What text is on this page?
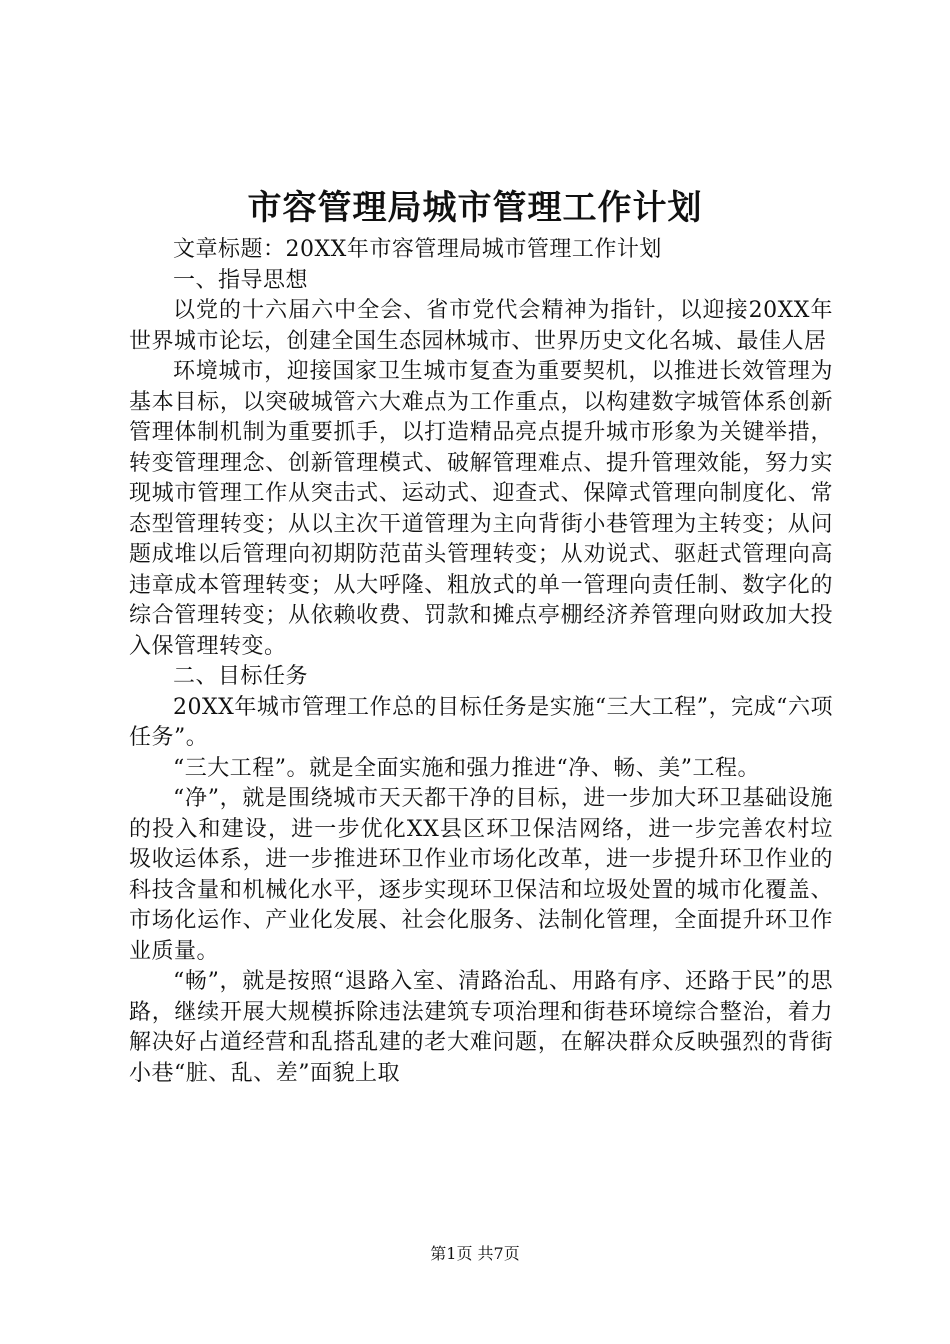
市容管理局城市管理工作计划

文章标题：20XX年市容管理局城市管理工作计划

一、指导思想

以党的十六届六中全会、省市党代会精神为指针，以迎接20XX年世界城市论坛，创建全国生态园林城市、世界历史文化名城、最佳人居

环境城市，迎接国家卫生城市复查为重要契机，以推进长效管理为基本目标，以突破城管六大难点为工作重点，以构建数字城管体系创新管理体制机制为重要抓手，以打造精品亮点提升城市形象为关键举措，转变管理理念、创新管理模式、破解管理难点、提升管理效能，努力实现城市管理工作从突击式、运动式、迎查式、保障式管理向制度化、常态型管理转变；从以主次干道管理为主向背街小巷管理为主转变；从问题成堆以后管理向初期防范苗头管理转变；从劝说式、驱赶式管理向高违章成本管理转变；从大呼隆、粗放式的单一管理向责任制、数字化的综合管理转变；从依赖收费、罚款和摊点亭棚经济养管理向财政加大投入保管理转变。

二、目标任务

20XX年城市管理工作总的目标任务是实施“三大工程”，完成“六项任务”。

“三大工程”。就是全面实施和强力推进“净、畅、美”工程。

“净”，就是围绕城市天天都干净的目标，进一步加大环卫基础设施的投入和建设，进一步优化XX县区环卫保洁网络，进一步完善农村垃圾收运体系，进一步推进环卫作业市场化改革，进一步提升环卫作业的科技含量和机械化水平，逐步实现环卫保洁和垃圾处置的城市化覆盖、市场化运作、产业化发展、社会化服务、法制化管理，全面提升环卫作业质量。

“畅”，就是按照“退路入室、清路治乱、用路有序、还路于民”的思路，继续开展大规模拆除违法建筑专项治理和街巷环境综合整治，着力解决好占道经营和乱搭乱建的老大难问题，在解决群众反映强烈的背街小巷“脏、乱、差”面貌上取

第1页 共7页
